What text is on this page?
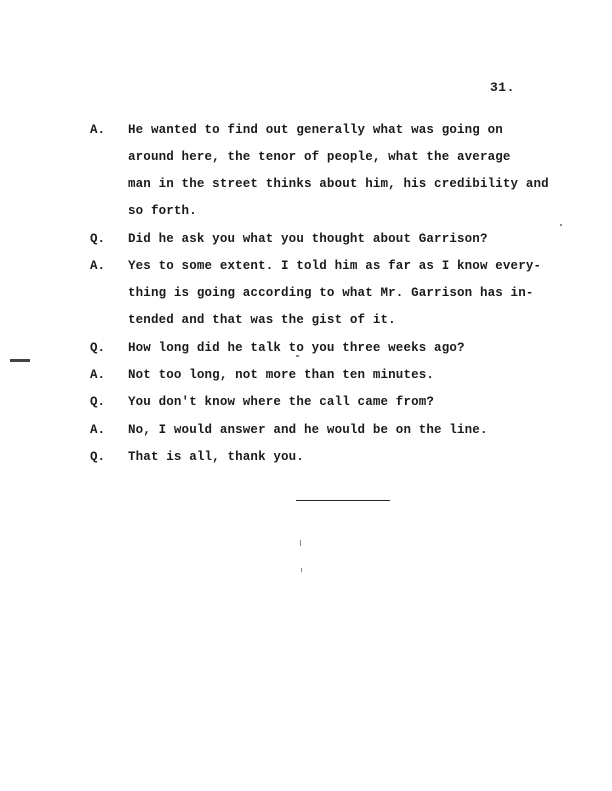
31.
A. He wanted to find out generally what was going on
around here, the tenor of people, what the average
man in the street thinks about him, his credibility and
so forth.
Q. Did he ask you what you thought about Garrison?
A. Yes to some extent. I told him as far as I know every-
thing is going according to what Mr. Garrison has in-
tended and that was the gist of it.
Q. How long did he talk to you three weeks ago?
A. Not too long, not more than ten minutes.
Q. You don't know where the call came from?
A. No, I would answer and he would be on the line.
Q. That is all, thank you.
